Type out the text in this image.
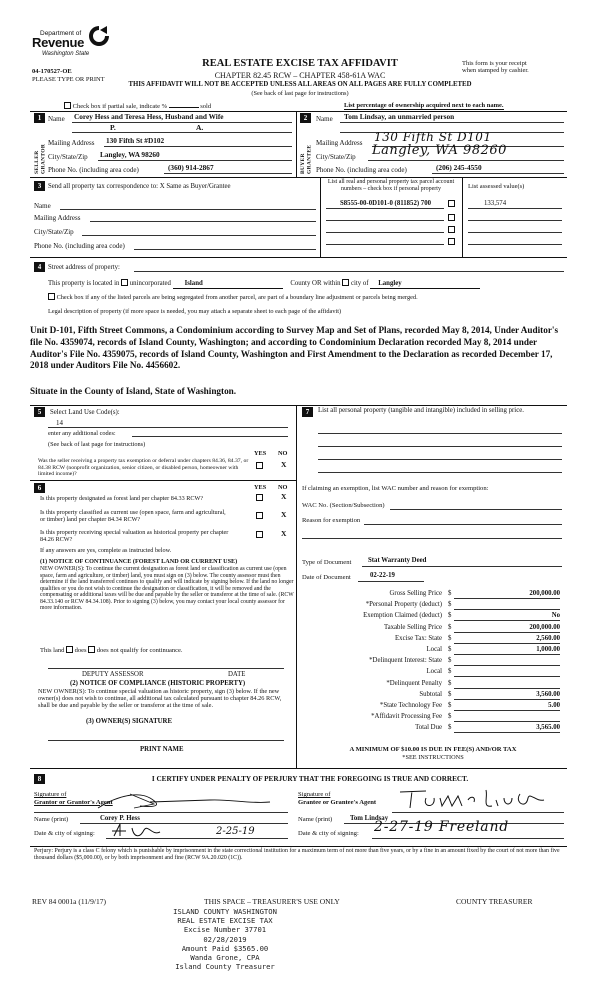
Department of
Revenue
Washington State
04-170527-OE
PLEASE TYPE OR PRINT
REAL ESTATE EXCISE TAX AFFIDAVIT
CHAPTER 82.45 RCW – CHAPTER 458-61A WAC
THIS AFFIDAVIT WILL NOT BE ACCEPTED UNLESS ALL AREAS ON ALL PAGES ARE FULLY COMPLETED
(See back of last page for instructions)
This form is your receipt
when stamped by cashier.
Check box if partial sale, indicate %	sold	List percentage of ownership acquired next to each name.
1
SELLER GRANTOR
Name Corey Hess and Teresa Hess, Husband and Wife
P.	A.
Mailing Address 130 Fifth St #D102
City/State/Zip Langley, WA 98260
Phone No. (including area code)	(360) 914-2867
2
BUYER GRANTEE
Name Tom Lindsay, an unmarried person
Mailing Address 130 Fifth St D101
City/State/Zip Langley, WA 98260
Phone No. (including area code)	(206) 245-4550
3 Send all property tax correspondence to: X Same as Buyer/Grantee
Name
Mailing Address
City/State/Zip
Phone No. (including area code)
List all real and personal property tax parcel account
numbers – check box if personal property	List assessed value(s)
S8555-00-0D101-0 (811852) 700	133,574
4 Street address of property:
This property is located in unincorporated Island	County OR within city of Langley
Check box if any of the listed parcels are being segregated from another parcel, are part of a boundary line adjustment or parcels being merged.
Legal description of property (if more space is needed, you may attach a separate sheet to each page of the affidavit)
Unit D-101, Fifth Street Commons, a Condominium according to Survey Map and Set of Plans, recorded May 8, 2014, Under Auditor's file No. 4359074, records of Island County, Washington; and according to Condominium Declaration recorded May 8, 2014 under Auditor's File No. 4359075, records of Island County, Washington and First Amendment to the Declaration as recorded December 17, 2018 under Auditors File No. 4456602.
Situate in the County of Island, State of Washington.
5	Select Land Use Code(s):
14
enter any additional codes:
(See back of last page for instructions)
YES NO
Was the seller receiving a property tax exemption or deferral under chapters 84.36, 84.37, or 84.38 RCW (nonprofit organization, senior citizen, or disabled person, homeowner with limited income)?
X
6	YES NO
Is this property designated as forest land per chapter 84.33 RCW?	X
Is this property classified as current use (open space, farm and agricultural, or timber) land per chapter 84.34 RCW?
X
Is this property receiving special valuation as historical property per chapter 84.26 RCW?
X
If any answers are yes, complete as instructed below.
(1) NOTICE OF CONTINUANCE (FOREST LAND OR CURRENT USE)
NEW OWNER(S): To continue the current designation as forest land or classification as current use (open space, farm and agriculture, or timber) land, you must sign on (3) below. The county assessor must then determine if the land transferred continues to qualify and will indicate by signing below. If the land no longer qualifies or you do not wish to continue the designation or classification, it will be removed and the compensating or additional taxes will be due and payable by the seller or transferor at the time of sale. (RCW 84.33.140 or RCW 84.34.108). Prior to signing (3) below, you may contact your local county assessor for more information.
This land does does not qualify for continuance.
DEPUTY ASSESSOR	DATE
(2) NOTICE OF COMPLIANCE (HISTORIC PROPERTY)
NEW OWNER(S): To continue special valuation as historic property, sign (3) below. If the new owner(s) does not wish to continue, all additional tax calculated pursuant to chapter 84.26 RCW, shall be due and payable by the seller or transferor at the time of sale.
(3) OWNER(S) SIGNATURE
PRINT NAME
7	List all personal property (tangible and intangible) included in selling price.
If claiming an exemption, list WAC number and reason for exemption:
WAC No. (Section/Subsection)
Reason for exemption
Type of Document Stat Warranty Deed
Date of Document	02-22-19
Gross Selling Price $	200,000.00
*Personal Property (deduct) $
Exemption Claimed (deduct) $	No
Taxable Selling Price $	200,000.00
Excise Tax: State $	2,560.00
Local $	1,000.00
*Delinquent Interest: State $
Local $
*Delinquent Penalty $
Subtotal $	3,560.00
*State Technology Fee $	5.00
*Affidavit Processing Fee $
Total Due $	3,565.00
A MINIMUM OF $10.00 IS DUE IN FEE(S) AND/OR TAX
*SEE INSTRUCTIONS
8	I CERTIFY UNDER PENALTY OF PERJURY THAT THE FOREGOING IS TRUE AND CORRECT.
Signature of
Grantor or Grantor's Agent
Name (print)	Corey P. Hess
Date & city of signing:	2-25-19
Signature of
Grantee or Grantee's Agent
Name (print)	Tom Lindsay
Date & city of signing: 2-27-19 Freeland
Perjury: Perjury is a class C felony which is punishable by imprisonment in the state correctional institution for a maximum term of not more than five years, or by a fine in an amount fixed by the court of not more than five thousand dollars ($5,000.00), or by both imprisonment and fine (RCW 9A.20.020 (1C)).
REV 84 0001a (11/9/17)	THIS SPACE – TREASURER'S USE ONLY	COUNTY TREASURER
ISLAND COUNTY WASHINGTON
REAL ESTATE EXCISE TAX
Excise Number 37701
02/28/2019
Amount Paid $3565.00
Wanda Grone, CPA
Island County Treasurer
